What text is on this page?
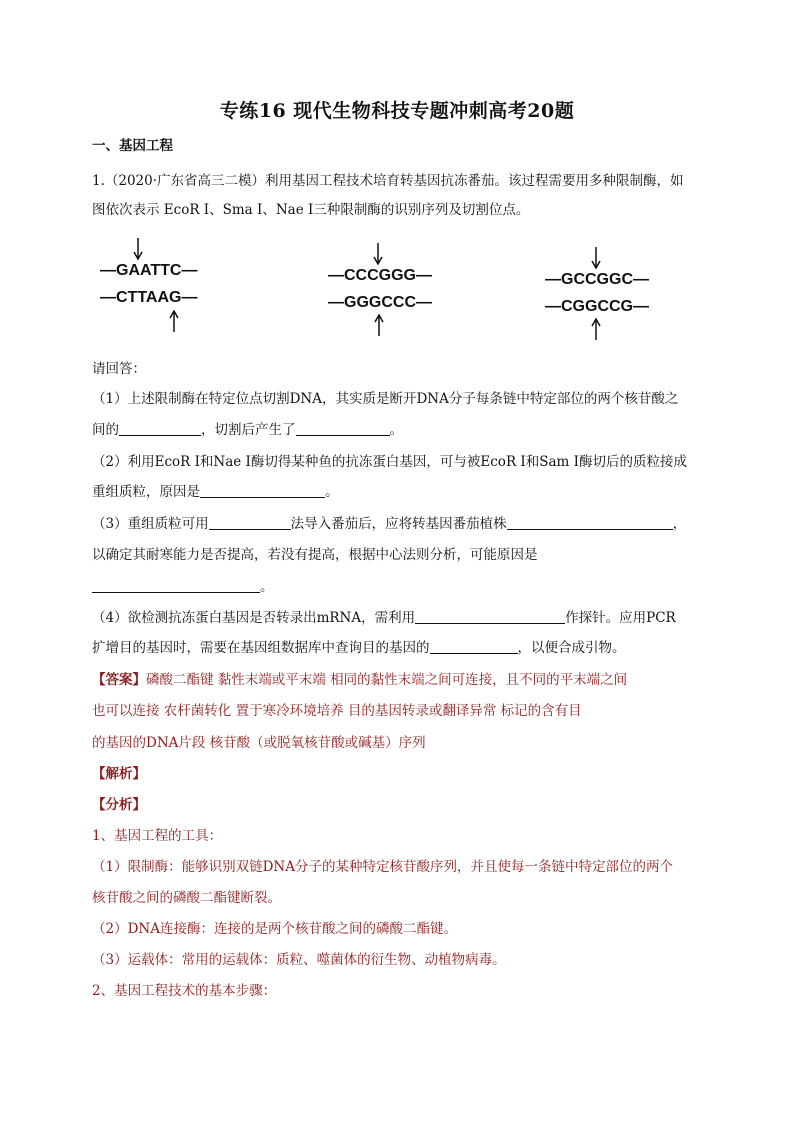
专练16 现代生物科技专题冲刺高考20题
一、基因工程
1.（2020·广东省高三二模）利用基因工程技术培育转基因抗冻番茄。该过程需要用多种限制酶，如
图依次表示 EcoR I、Sma I、Nae I三种限制酶的识别序列及切割位点。
—GAATTC—
—CTTAAG—
—CCCGGG—
—GGGCCC—
—GCCGGC—
—CGGCCG—
请回答：
（1）上述限制酶在特定位点切割DNA，其实质是断开DNA分子每条链中特定部位的两个核苷酸之
间的	，切割后产生了	。
（2）利用EcoR I和Nae I酶切得某种鱼的抗冻蛋白基因，可与被EcoR I和Sam I酶切后的质粒接成
重组质粒，原因是	。
（3）重组质粒可用	法导入番茄后，应将转基因番茄植株	，
以确定其耐寒能力是否提高，若没有提高，根据中心法则分析，可能原因是
。
（4）欲检测抗冻蛋白基因是否转录出mRNA，需利用	作探针。应用PCR
扩增目的基因时，需要在基因组数据库中查询目的基因的	，以便合成引物。
【答案】磷酸二酯键 黏性末端或平末端 相同的黏性末端之间可连接，且不同的平末端之间
也可以连接 农杆菌转化 置于寒冷环境培养 目的基因转录或翻译异常 标记的含有目
的基因的DNA片段 核苷酸（或脱氧核苷酸或碱基）序列
【解析】
【分析】
1、基因工程的工具：
（1）限制酶：能够识别双链DNA分子的某种特定核苷酸序列，并且使每一条链中特定部位的两个
核苷酸之间的磷酸二酯键断裂。
（2）DNA连接酶：连接的是两个核苷酸之间的磷酸二酯键。
（3）运载体：常用的运载体：质粒、噬菌体的衍生物、动植物病毒。
2、基因工程技术的基本步骤：
